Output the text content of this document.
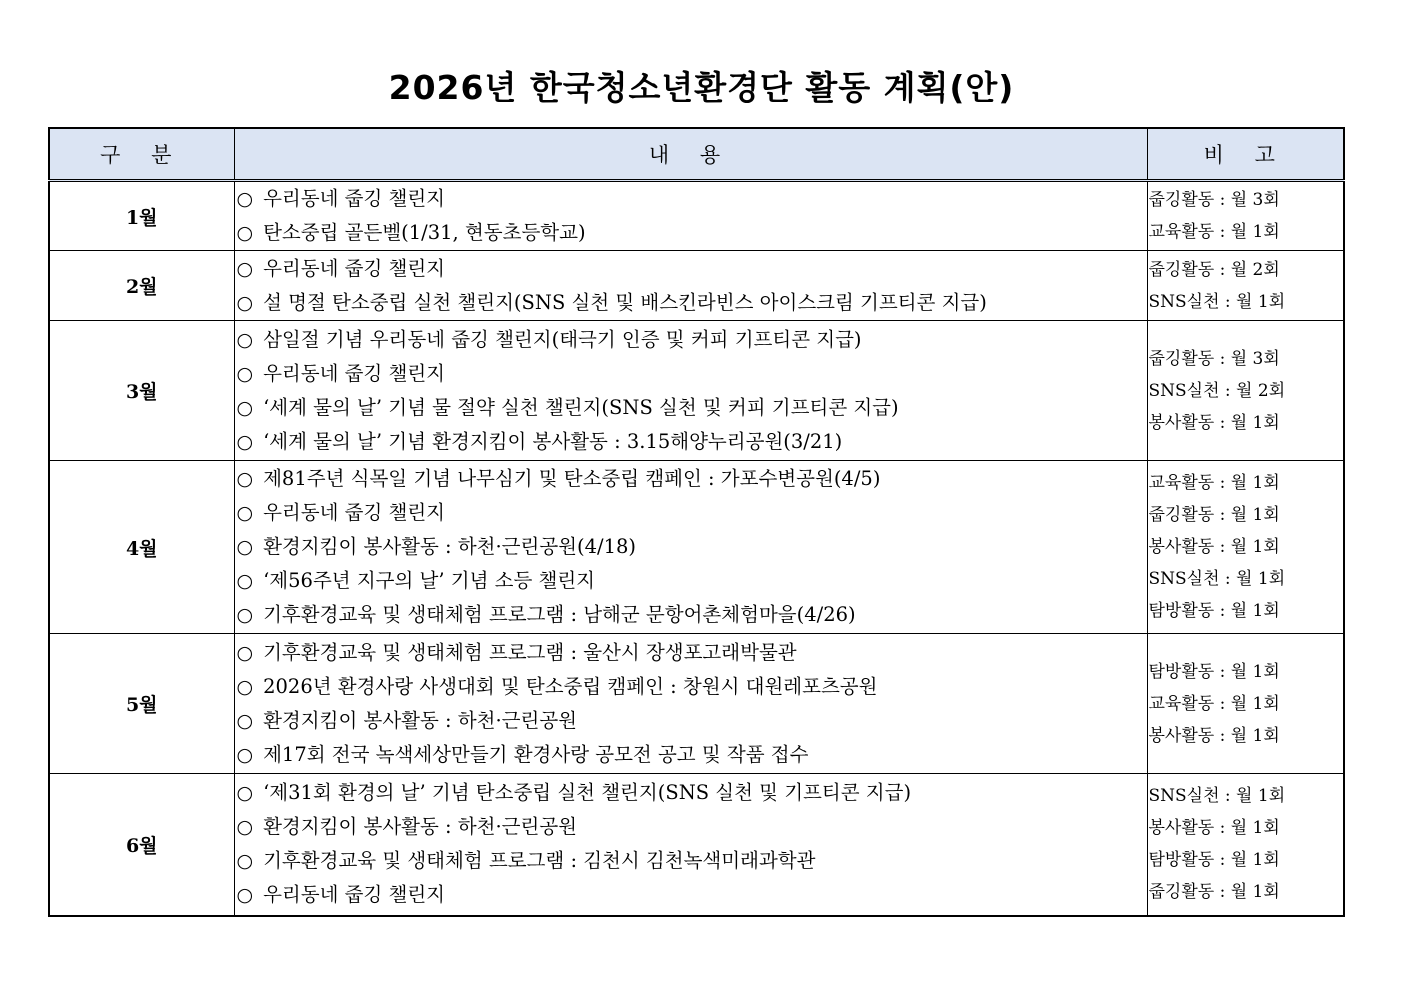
2026년 한국청소년환경단 활동 계획(안)
구 분	내 용	비 고
1월	○ 우리동네 줍깅 챌린지
○ 탄소중립 골든벨(1/31, 현동초등학교)	줍깅활동 : 월 3회
교육활동 : 월 1회

2월	○ 우리동네 줍깅 챌린지
○ 설 명절 탄소중립 실천 챌린지(SNS 실천 및 배스킨라빈스 아이스크림 기프티콘 지급)	줍깅활동 : 월 2회
SNS실천 : 월 1회

3월	○ 삼일절 기념 우리동네 줍깅 챌린지(태극기 인증 및 커피 기프티콘 지급)
○ 우리동네 줍깅 챌린지
○ ‘세계 물의 날’ 기념 물 절약 실천 챌린지(SNS 실천 및 커피 기프티콘 지급)
○ ‘세계 물의 날’ 기념 환경지킴이 봉사활동 : 3.15해양누리공원(3/21)	줍깅활동 : 월 3회
SNS실천 : 월 2회
봉사활동 : 월 1회

4월	○ 제81주년 식목일 기념 나무심기 및 탄소중립 캠페인 : 가포수변공원(4/5)
○ 우리동네 줍깅 챌린지
○ 환경지킴이 봉사활동 : 하천·근린공원(4/18)
○ ‘제56주년 지구의 날’ 기념 소등 챌린지
○ 기후환경교육 및 생태체험 프로그램 : 남해군 문항어촌체험마을(4/26)	교육활동 : 월 1회
줍깅활동 : 월 1회
봉사활동 : 월 1회
SNS실천 : 월 1회
탐방활동 : 월 1회

5월	○ 기후환경교육 및 생태체험 프로그램 : 울산시 장생포고래박물관
○ 2026년 환경사랑 사생대회 및 탄소중립 캠페인 : 창원시 대원레포츠공원
○ 환경지킴이 봉사활동 : 하천·근린공원
○ 제17회 전국 녹색세상만들기 환경사랑 공모전 공고 및 작품 접수	탐방활동 : 월 1회
교육활동 : 월 1회
봉사활동 : 월 1회

6월	○ ‘제31회 환경의 날’ 기념 탄소중립 실천 챌린지(SNS 실천 및 기프티콘 지급)
○ 환경지킴이 봉사활동 : 하천·근린공원
○ 기후환경교육 및 생태체험 프로그램 : 김천시 김천녹색미래과학관
○ 우리동네 줍깅 챌린지	SNS실천 : 월 1회
봉사활동 : 월 1회
탐방활동 : 월 1회
줍깅활동 : 월 1회
